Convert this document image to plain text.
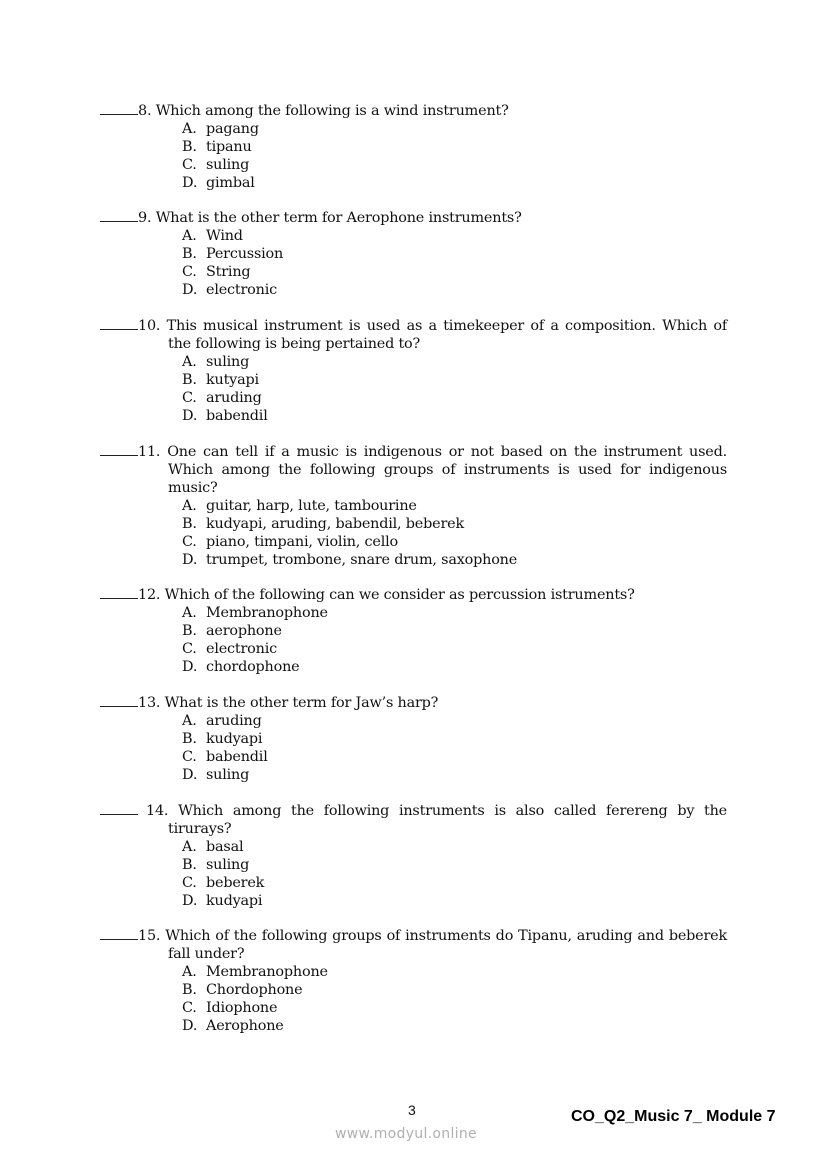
8. Which among the following is a wind instrument?
A. pagang
B. tipanu
C. suling
D. gimbal
9. What is the other term for Aerophone instruments?
A. Wind
B. Percussion
C. String
D. electronic
10. This musical instrument is used as a timekeeper of a composition. Which of the following is being pertained to?
A. suling
B. kutyapi
C. aruding
D. babendil
11. One can tell if a music is indigenous or not based on the instrument used. Which among the following groups of instruments is used for indigenous music?
A. guitar, harp, lute, tambourine
B. kudyapi, aruding, babendil, beberek
C. piano, timpani, violin, cello
D. trumpet, trombone, snare drum, saxophone
12. Which of the following can we consider as percussion istruments?
A. Membranophone
B. aerophone
C. electronic
D. chordophone
13. What is the other term for Jaw’s harp?
A. aruding
B. kudyapi
C. babendil
D. suling
14. Which among the following instruments is also called ferereng by the tirurays?
A. basal
B. suling
C. beberek
D. kudyapi
15. Which of the following groups of instruments do Tipanu, aruding and beberek fall under?
A. Membranophone
B. Chordophone
C. Idiophone
D. Aerophone
3	CO_Q2_Music 7_ Module 7
www.modyul.online
